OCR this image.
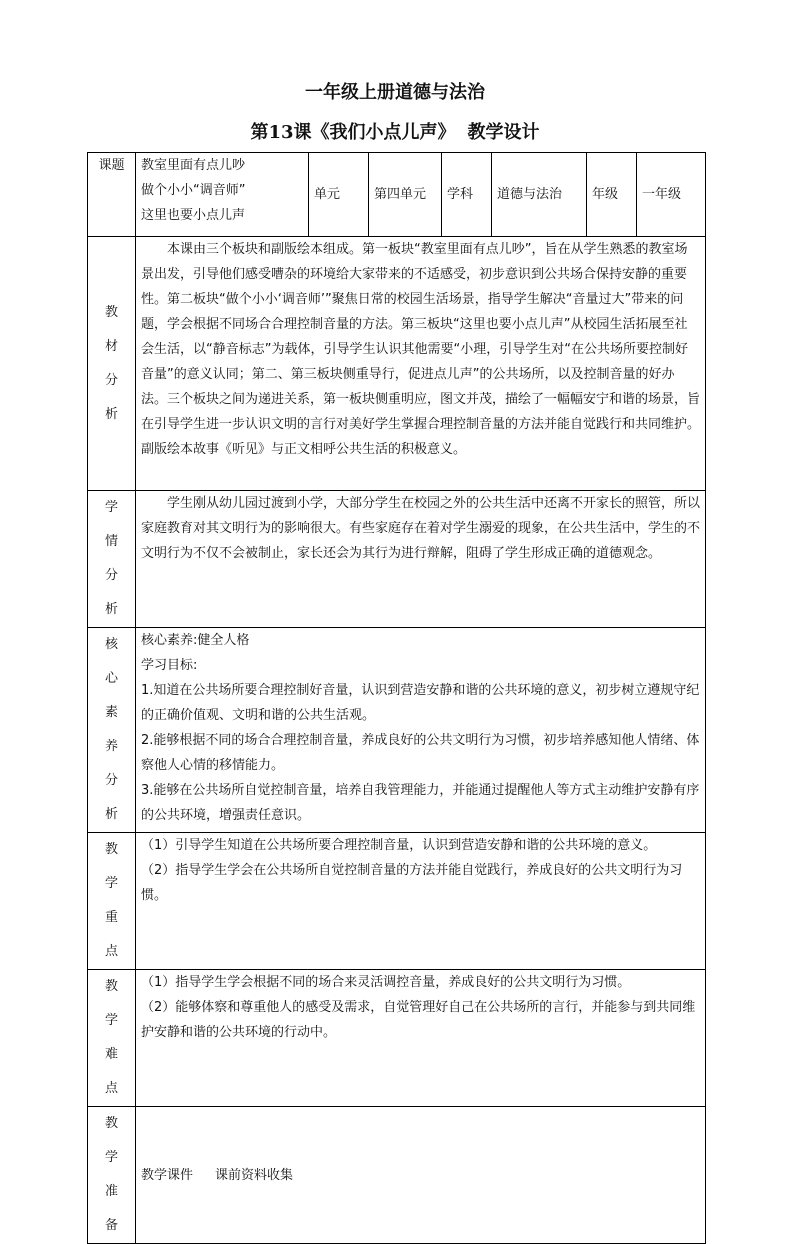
一年级上册道德与法治
第13课《我们小点儿声》 教学设计
课题	教室里面有点儿吵
做个小小“调音师”
这里也要小点儿声	单元	第四单元	学科	道德与法治	年级	一年级

教材
分析	本课由三个板块和副版绘本组成。第一板块“教室里面有点儿吵”，旨在从学生熟悉的教室场景出发，引导他们感受嘈杂的环境给大家带来的不适感受，初步意识到公共场合保持安静的重要性。第二板块“做个小小‘调音师’”聚焦日常的校园生活场景，指导学生解决“音量过大”带来的问题，学会根据不同场合合理控制音量的方法。第三板块“这里也要小点儿声”从校园生活拓展至社会生活，以“静音标志”为载体，引导学生认识其他需要“小理，引导学生对“在公共场所要控制好音量”的意义认同；第二、第三板块侧重导行，促进点儿声”的公共场所，以及控制音量的好办法。三个板块之间为递进关系，第一板块侧重明应，图文并茂，描绘了一幅幅安宁和谐的场景，旨在引导学生进一步认识文明的言行对美好学生掌握合理控制音量的方法并能自觉践行和共同维护。副版绘本故事《听见》与正文相呼公共生活的积极意义。						

学情
分析	学生刚从幼儿园过渡到小学，大部分学生在校园之外的公共生活中还离不开家长的照管，所以家庭教育对其文明行为的影响很大。有些家庭存在着对学生溺爱的现象，在公共生活中，学生的不文明行为不仅不会被制止，家长还会为其行为进行辩解，阻碍了学生形成正确的道德观念。						

核心
素养
分析	核心素养:健全人格
学习目标:
1.知道在公共场所要合理控制好音量，认识到营造安静和谐的公共环境的意义，初步树立遵规守纪的正确价值观、文明和谐的公共生活观。
2.能够根据不同的场合合理控制音量，养成良好的公共文明行为习惯，初步培养感知他人情绪、体察他人心情的移情能力。
3.能够在公共场所自觉控制音量，培养自我管理能力，并能通过提醒他人等方式主动维护安静有序的公共环境，增强责任意识。						

教学
重点	（1）引导学生知道在公共场所要合理控制音量，认识到营造安静和谐的公共环境的意义。
（2）指导学生学会在公共场所自觉控制音量的方法并能自觉践行，养成良好的公共文明行为习惯。						

教学
难点	（1）指导学生学会根据不同的场合来灵活调控音量，养成良好的公共文明行为习惯。
（2）能够体察和尊重他人的感受及需求，自觉管理好自己在公共场所的言行，并能参与到共同维护安静和谐的公共环境的行动中。						

教学
准备	教学课件 课前资料收集						
